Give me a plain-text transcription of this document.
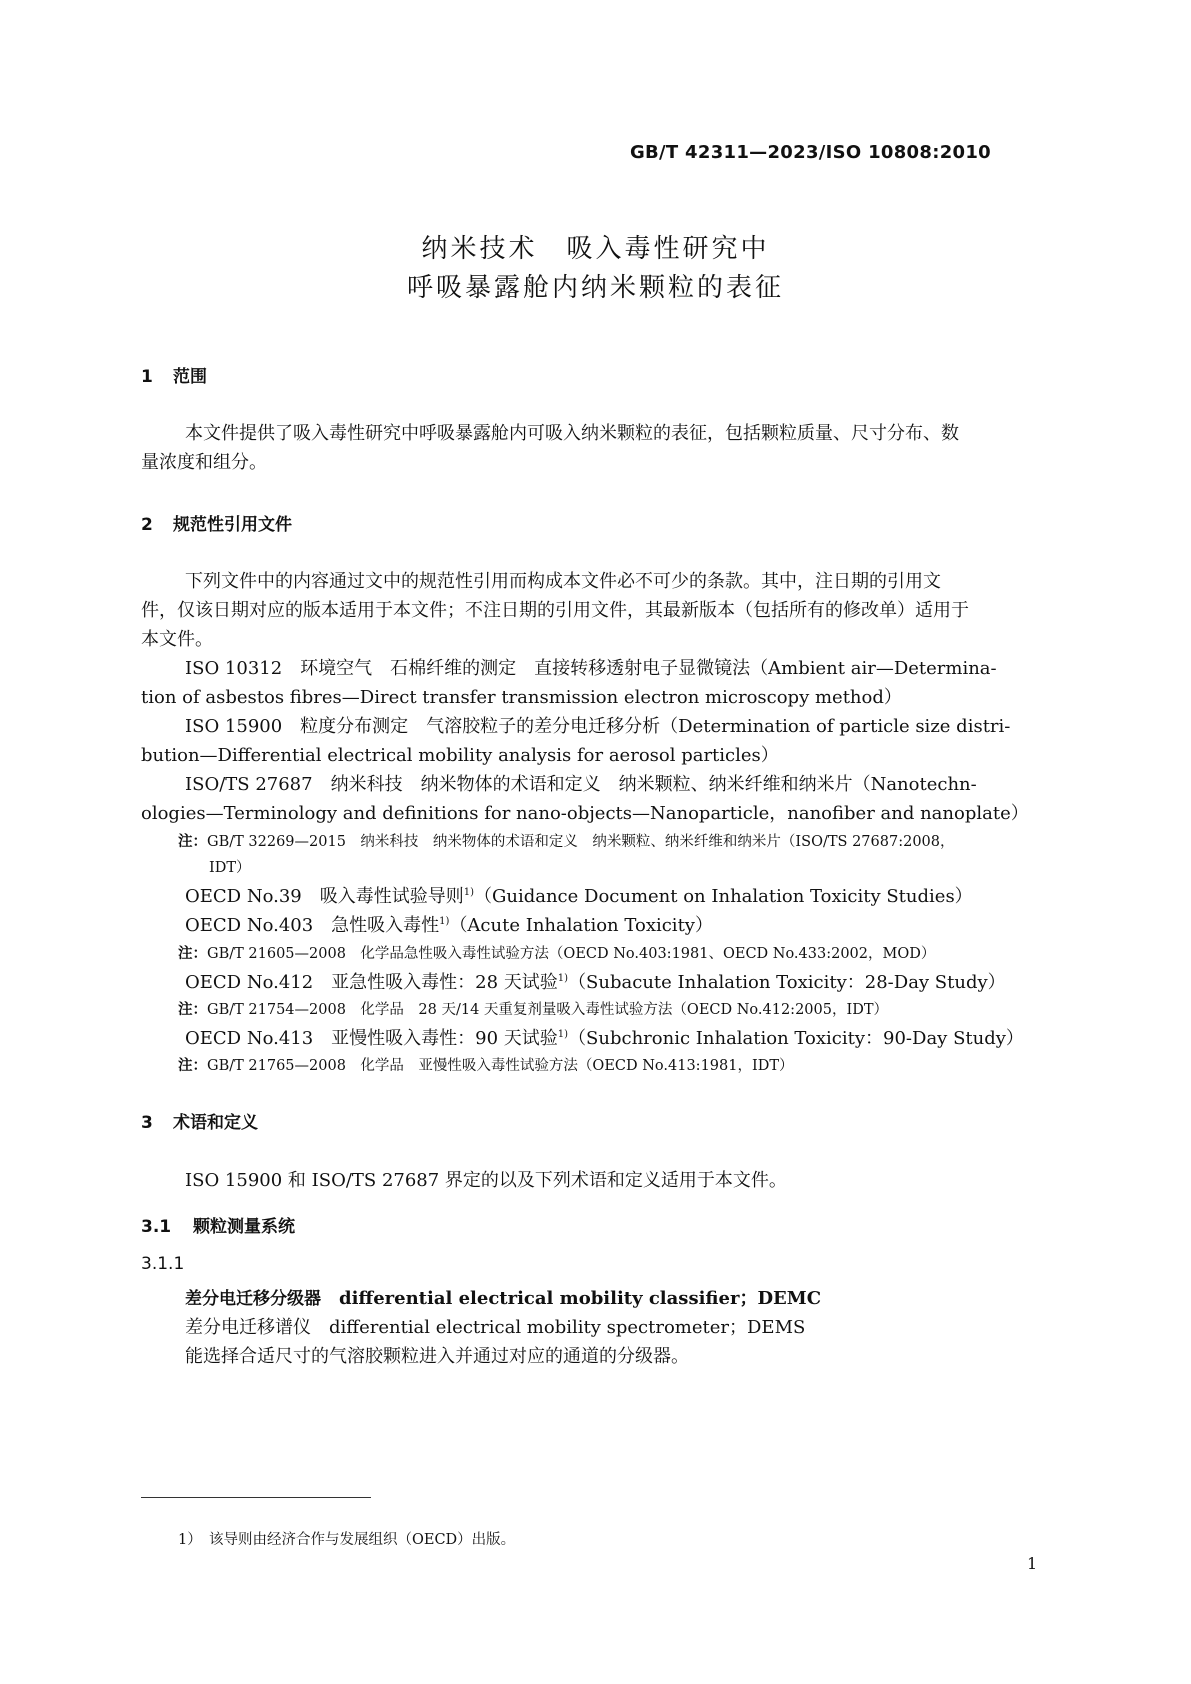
GB/T 42311—2023/ISO 10808:2010
纳米技术　吸入毒性研究中
呼吸暴露舱内纳米颗粒的表征
1 范围
本文件提供了吸入毒性研究中呼吸暴露舱内可吸入纳米颗粒的表征，包括颗粒质量、尺寸分布、数
量浓度和组分。
2 规范性引用文件
下列文件中的内容通过文中的规范性引用而构成本文件必不可少的条款。其中，注日期的引用文
件，仅该日期对应的版本适用于本文件；不注日期的引用文件，其最新版本（包括所有的修改单）适用于
本文件。
ISO 10312　环境空气　石棉纤维的测定　直接转移透射电子显微镜法（Ambient air—Determina-
tion of asbestos fibres—Direct transfer transmission electron microscopy method）
ISO 15900　粒度分布测定　气溶胶粒子的差分电迁移分析（Determination of particle size distri-
bution—Differential electrical mobility analysis for aerosol particles）
ISO/TS 27687　纳米科技　纳米物体的术语和定义　纳米颗粒、纳米纤维和纳米片（Nanotechn-
ologies—Terminology and definitions for nano-objects—Nanoparticle，nanofiber and nanoplate）
注：GB/T 32269—2015　纳米科技　纳米物体的术语和定义　纳米颗粒、纳米纤维和纳米片（ISO/TS 27687:2008，
IDT）
OECD No.39　吸入毒性试验导则$^{1)}$（Guidance Document on Inhalation Toxicity Studies）
OECD No.403　急性吸入毒性$^{1)}$（Acute Inhalation Toxicity）
注：GB/T 21605—2008　化学品急性吸入毒性试验方法（OECD No.403:1981、OECD No.433:2002，MOD）
OECD No.412　亚急性吸入毒性：28 天试验$^{1)}$（Subacute Inhalation Toxicity：28-Day Study）
注：GB/T 21754—2008　化学品　28 天/14 天重复剂量吸入毒性试验方法（OECD No.412:2005，IDT）
OECD No.413　亚慢性吸入毒性：90 天试验$^{1)}$（Subchronic Inhalation Toxicity：90-Day Study）
注：GB/T 21765—2008　化学品　亚慢性吸入毒性试验方法（OECD No.413:1981，IDT）
3 术语和定义
ISO 15900 和 ISO/TS 27687 界定的以及下列术语和定义适用于本文件。
3.1 颗粒测量系统
3.1.1
差分电迁移分级器　 differential electrical mobility classifier；DEMC
差分电迁移谱仪　differential electrical mobility spectrometer；DEMS
能选择合适尺寸的气溶胶颗粒进入并通过对应的通道的分级器。
1）　 该导则由经济合作与发展组织（OECD）出版。
1
